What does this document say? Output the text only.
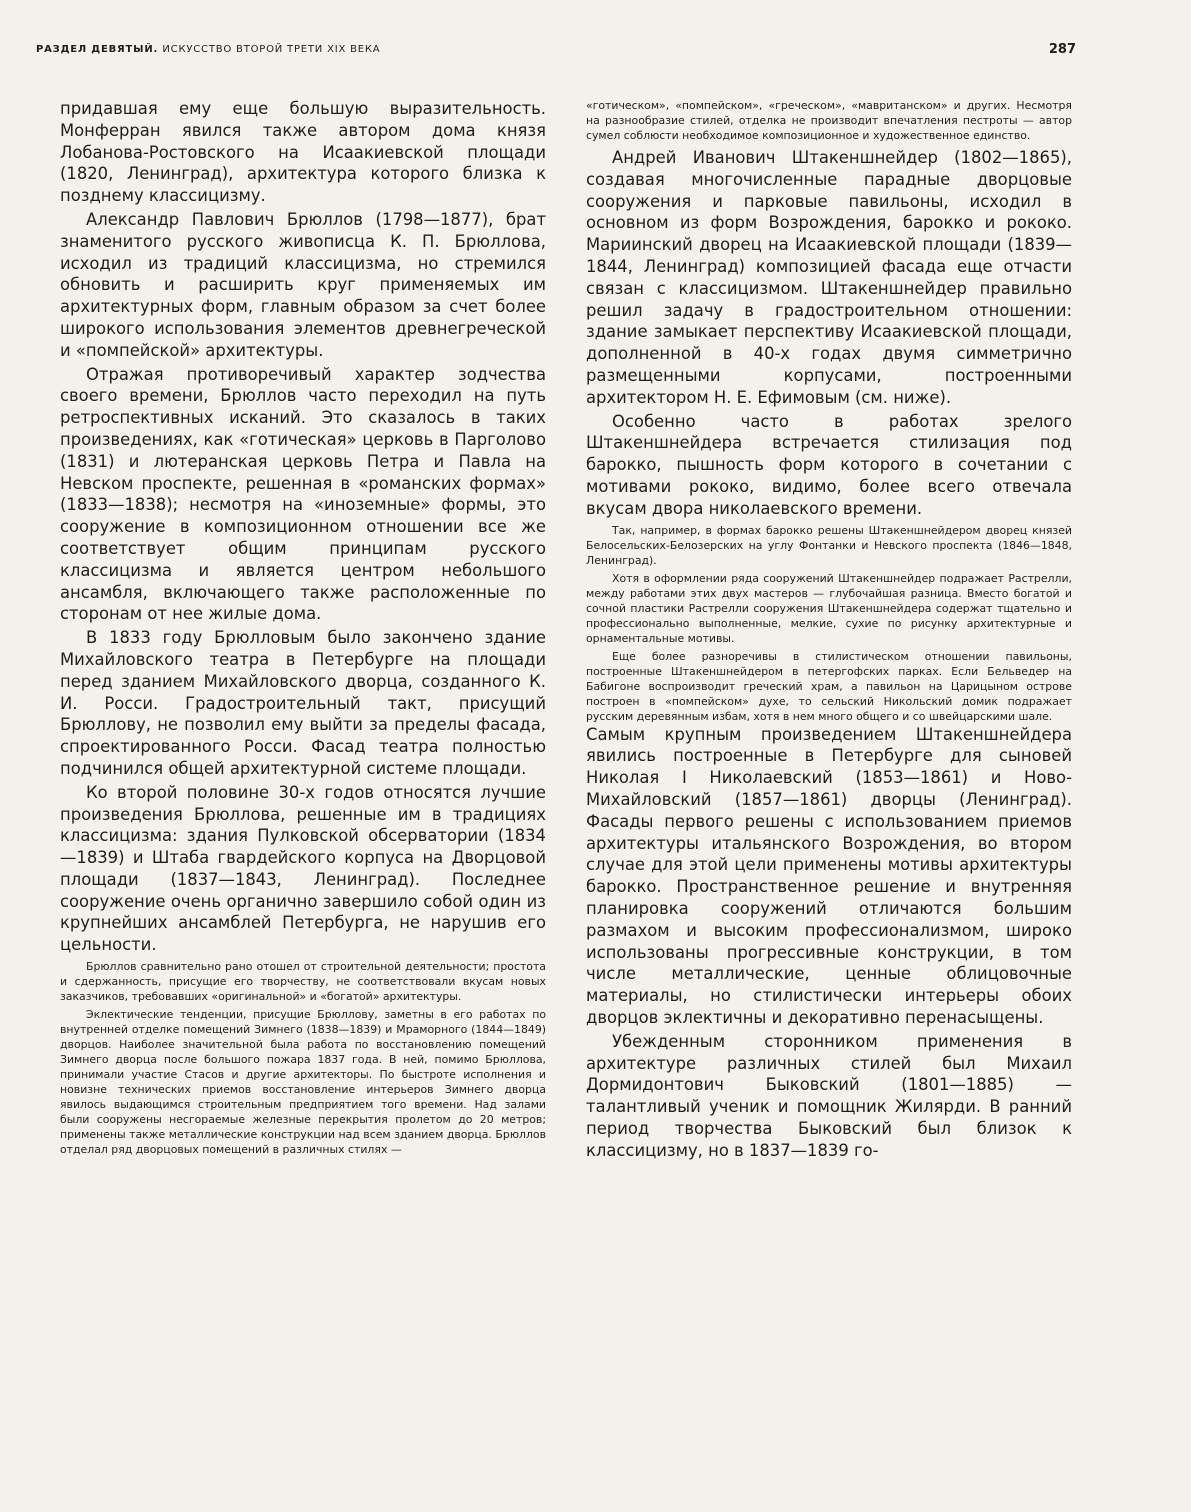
РАЗДЕЛ ДЕВЯТЫЙ. ИСКУССТВО ВТОРОЙ ТРЕТИ XIX ВЕКА	287

придавшая ему еще большую выразительность. Монферран явился также автором дома князя Лобанова-Ростовского на Исаакиевской площади (1820, Ленинград), архитектура которого близка к позднему классицизму.

Александр Павлович Брюллов (1798—1877), брат знаменитого русского живописца К. П. Брюллова, исходил из традиций классицизма, но стремился обновить и расширить круг применяемых им архитектурных форм, главным образом за счет более широкого использования элементов древнегреческой и «помпейской» архитектуры.

Отражая противоречивый характер зодчества своего времени, Брюллов часто переходил на путь ретроспективных исканий. Это сказалось в таких произведениях, как «готическая» церковь в Парголово (1831) и лютеранская церковь Петра и Павла на Невском проспекте, решенная в «романских формах» (1833—1838); несмотря на «иноземные» формы, это сооружение в композиционном отношении все же соответствует общим принципам русского классицизма и является центром небольшого ансамбля, включающего также расположенные по сторонам от нее жилые дома.

В 1833 году Брюлловым было закончено здание Михайловского театра в Петербурге на площади перед зданием Михайловского дворца, созданного К. И. Росси. Градостроительный такт, присущий Брюллову, не позволил ему выйти за пределы фасада, спроектированного Росси. Фасад театра полностью подчинился общей архитектурной системе площади.

Ко второй половине 30-х годов относятся лучшие произведения Брюллова, решенные им в традициях классицизма: здания Пулковской обсерватории (1834—1839) и Штаба гвардейского корпуса на Дворцовой площади (1837—1843, Ленинград). Последнее сооружение очень органично завершило собой один из крупнейших ансамблей Петербурга, не нарушив его цельности.

Брюллов сравнительно рано отошел от строительной деятельности; простота и сдержанность, присущие его творчеству, не соответствовали вкусам новых заказчиков, требовавших «оригинальной» и «богатой» архитектуры.

Эклектические тенденции, присущие Брюллову, заметны в его работах по внутренней отделке помещений Зимнего (1838—1839) и Мраморного (1844—1849) дворцов. Наиболее значительной была работа по восстановлению помещений Зимнего дворца после большого пожара 1837 года. В ней, помимо Брюллова, принимали участие Стасов и другие архитекторы. По быстроте исполнения и новизне технических приемов восстановление интерьеров Зимнего дворца явилось выдающимся строительным предприятием того времени. Над залами были сооружены несгораемые железные перекрытия пролетом до 20 метров; применены также металлические конструкции над всем зданием дворца. Брюллов отделал ряд дворцовых помещений в различных стилях —

«готическом», «помпейском», «греческом», «мавританском» и других. Несмотря на разнообразие стилей, отделка не производит впечатления пестроты — автор сумел соблюсти необходимое композиционное и художественное единство.

Андрей Иванович Штакеншнейдер (1802—1865), создавая многочисленные парадные дворцовые сооружения и парковые павильоны, исходил в основном из форм Возрождения, барокко и рококо. Мариинский дворец на Исаакиевской площади (1839—1844, Ленинград) композицией фасада еще отчасти связан с классицизмом. Штакеншнейдер правильно решил задачу в градостроительном отношении: здание замыкает перспективу Исаакиевской площади, дополненной в 40-х годах двумя симметрично размещенными корпусами, построенными архитектором Н. Е. Ефимовым (см. ниже).

Особенно часто в работах зрелого Штакеншнейдера встречается стилизация под барокко, пышность форм которого в сочетании с мотивами рококо, видимо, более всего отвечала вкусам двора николаевского времени.

Так, например, в формах барокко решены Штакеншнейдером дворец князей Белосельских-Белозерских на углу Фонтанки и Невского проспекта (1846—1848, Ленинград).

Хотя в оформлении ряда сооружений Штакеншнейдер подражает Растрелли, между работами этих двух мастеров — глубочайшая разница. Вместо богатой и сочной пластики Растрелли сооружения Штакеншнейдера содержат тщательно и профессионально выполненные, мелкие, сухие по рисунку архитектурные и орнаментальные мотивы.

Еще более разноречивы в стилистическом отношении павильоны, построенные Штакеншнейдером в петергофских парках. Если Бельведер на Бабигоне воспроизводит греческий храм, а павильон на Царицыном острове построен в «помпейском» духе, то сельский Никольский домик подражает русским деревянным избам, хотя в нем много общего и со швейцарскими шале.

Самым крупным произведением Штакеншнейдера явились построенные в Петербурге для сыновей Николая I Николаевский (1853—1861) и Ново-Михайловский (1857—1861) дворцы (Ленинград). Фасады первого решены с использованием приемов архитектуры итальянского Возрождения, во втором случае для этой цели применены мотивы архитектуры барокко. Пространственное решение и внутренняя планировка сооружений отличаются большим размахом и высоким профессионализмом, широко использованы прогрессивные конструкции, в том числе металлические, ценные облицовочные материалы, но стилистически интерьеры обоих дворцов эклектичны и декоративно перенасыщены.

Убежденным сторонником применения в архитектуре различных стилей был Михаил Дормидонтович Быковский (1801—1885) — талантливый ученик и помощник Жилярди. В ранний период творчества Быковский был близок к классицизму, но в 1837—1839 го-
